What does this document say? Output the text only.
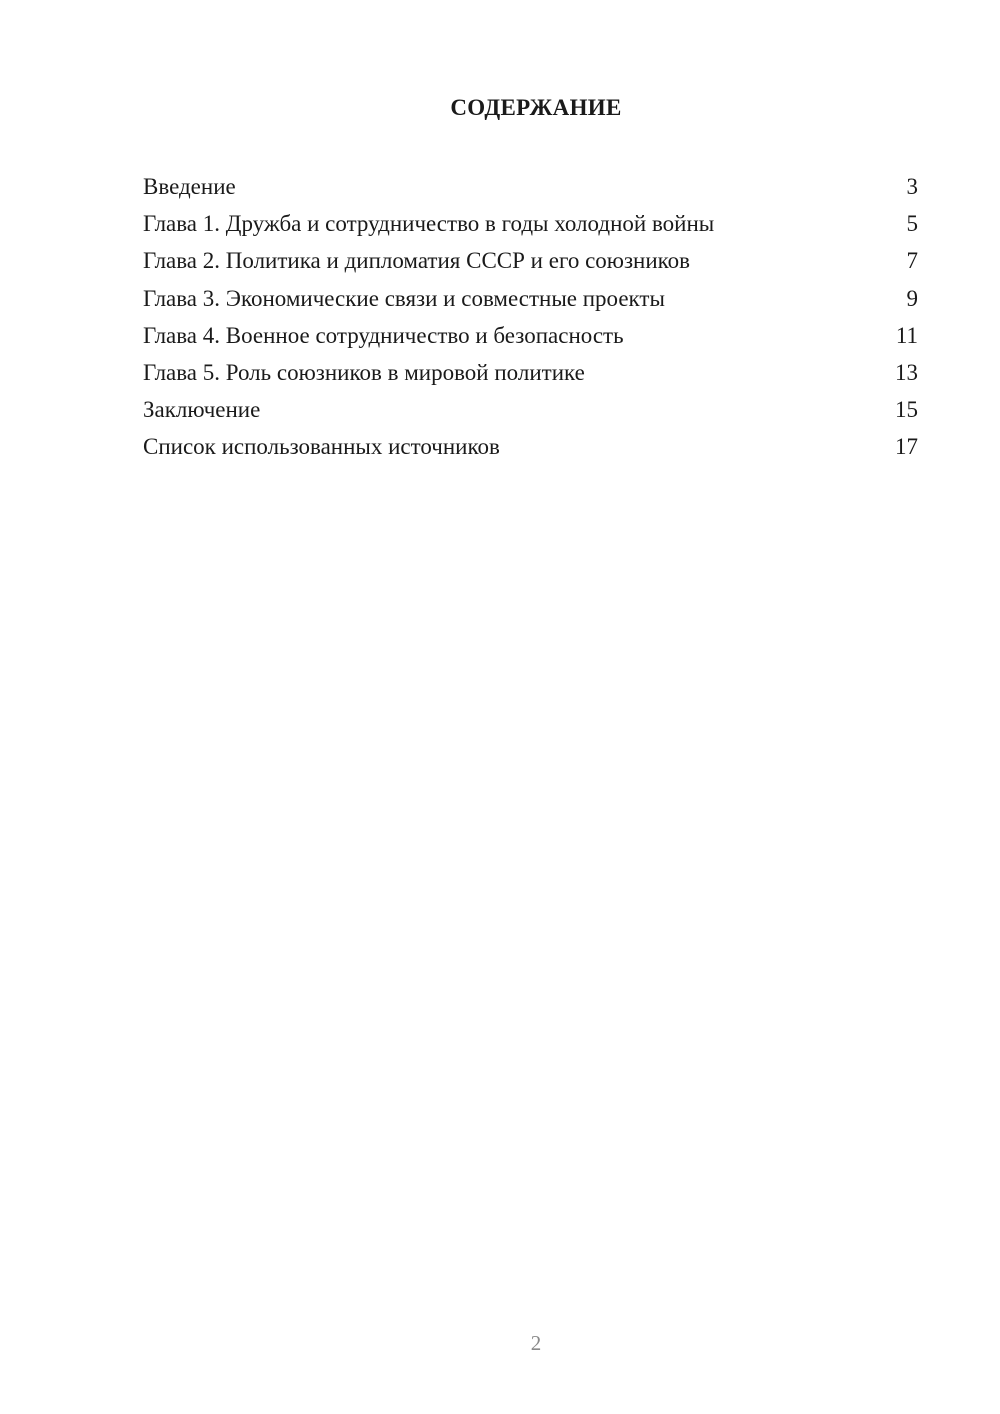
СОДЕРЖАНИЕ
Введение	3
Глава 1. Дружба и сотрудничество в годы холодной войны	5
Глава 2. Политика и дипломатия СССР и его союзников	7
Глава 3. Экономические связи и совместные проекты	9
Глава 4. Военное сотрудничество и безопасность	11
Глава 5. Роль союзников в мировой политике	13
Заключение	15
Список использованных источников	17
2
